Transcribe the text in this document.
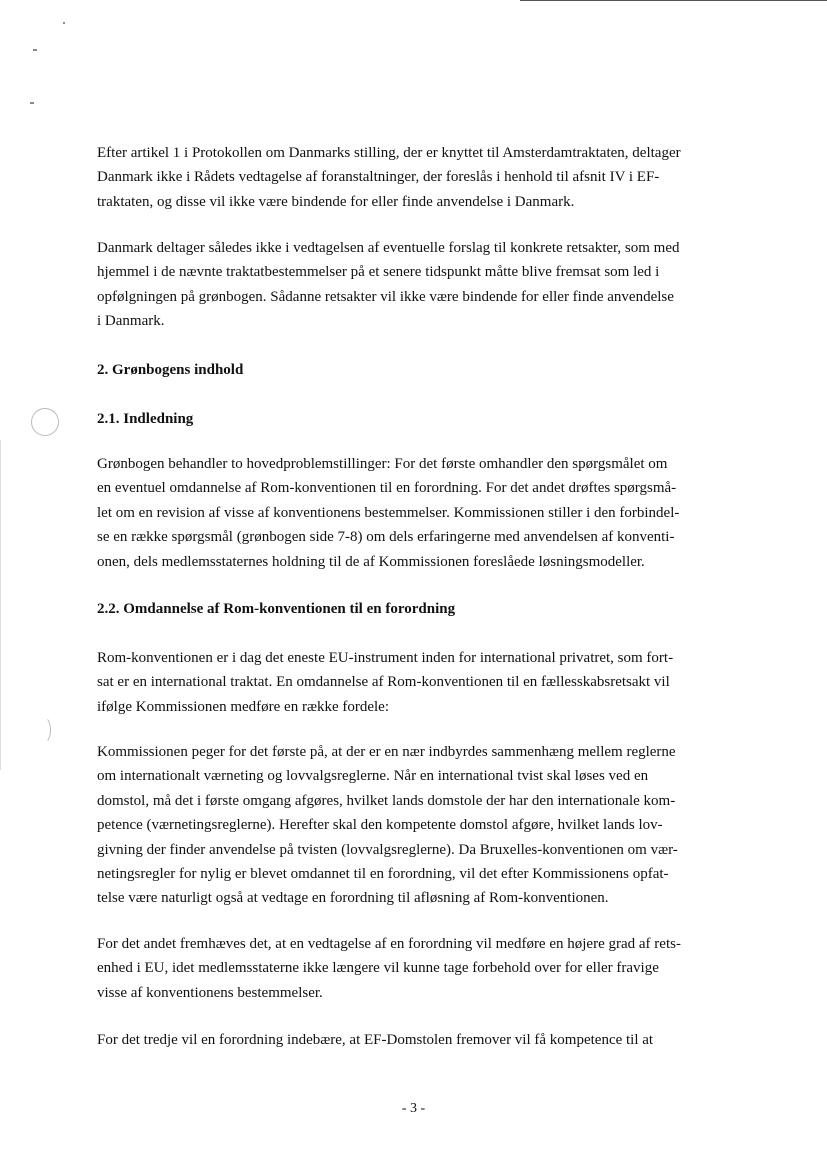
Efter artikel 1 i Protokollen om Danmarks stilling, der er knyttet til Amsterdamtraktaten, deltager
Danmark ikke i Rådets vedtagelse af foranstaltninger, der foreslås i henhold til afsnit IV i EF-
traktaten, og disse vil ikke være bindende for eller finde anvendelse i Danmark.

Danmark deltager således ikke i vedtagelsen af eventuelle forslag til konkrete retsakter, som med
hjemmel i de nævnte traktatbestemmelser på et senere tidspunkt måtte blive fremsat som led i
opfølgningen på grønbogen. Sådanne retsakter vil ikke være bindende for eller finde anvendelse
i Danmark.

2. Grønbogens indhold
2.1. Indledning

Grønbogen behandler to hovedproblemstillinger: For det første omhandler den spørgsmålet om
en eventuel omdannelse af Rom-konventionen til en forordning. For det andet drøftes spørgsmå-
let om en revision af visse af konventionens bestemmelser. Kommissionen stiller i den forbindel-
se en række spørgsmål (grønbogen side 7-8) om dels erfaringerne med anvendelsen af konventi-
onen, dels medlemsstaternes holdning til de af Kommissionen foreslåede løsningsmodeller.

2.2. Omdannelse af Rom-konventionen til en forordning

Rom-konventionen er i dag det eneste EU-instrument inden for international privatret, som fort-
sat er en international traktat. En omdannelse af Rom-konventionen til en fællesskabsretsakt vil
ifølge Kommissionen medføre en række fordele:

Kommissionen peger for det første på, at der er en nær indbyrdes sammenhæng mellem reglerne
om internationalt værneting og lovvalgsreglerne. Når en international tvist skal løses ved en
domstol, må det i første omgang afgøres, hvilket lands domstole der har den internationale kom-
petence (værnetingsreglerne). Herefter skal den kompetente domstol afgøre, hvilket lands lov-
givning der finder anvendelse på tvisten (lovvalgsreglerne). Da Bruxelles-konventionen om vær-
netingsregler for nylig er blevet omdannet til en forordning, vil det efter Kommissionens opfat-
telse være naturligt også at vedtage en forordning til afløsning af Rom-konventionen.

For det andet fremhæves det, at en vedtagelse af en forordning vil medføre en højere grad af rets-
enhed i EU, idet medlemsstaterne ikke længere vil kunne tage forbehold over for eller fravige
visse af konventionens bestemmelser.

For det tredje vil en forordning indebære, at EF-Domstolen fremover vil få kompetence til at

- 3 -
